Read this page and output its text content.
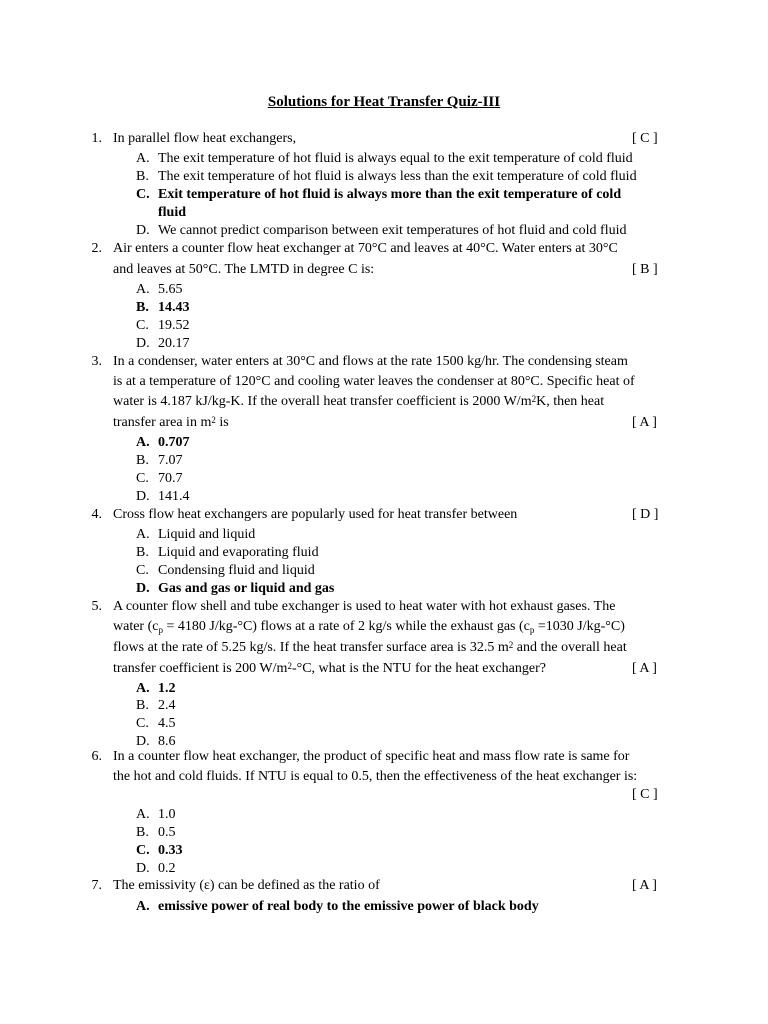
Solutions for Heat Transfer Quiz-III
1. In parallel flow heat exchangers,	[ C ]
A. The exit temperature of hot fluid is always equal to the exit temperature of cold fluid
B. The exit temperature of hot fluid is always less than the exit temperature of cold fluid
C. Exit temperature of hot fluid is always more than the exit temperature of cold
fluid
D. We cannot predict comparison between exit temperatures of hot fluid and cold fluid
2. Air enters a counter flow heat exchanger at 70°C and leaves at 40°C. Water enters at 30°C
and leaves at 50°C. The LMTD in degree C is:	[ B ]
A. 5.65
B. 14.43
C. 19.52
D. 20.17
3. In a condenser, water enters at 30°C and flows at the rate 1500 kg/hr. The condensing steam
is at a temperature of 120°C and cooling water leaves the condenser at 80°C. Specific heat of
water is 4.187 kJ/kg-K. If the overall heat transfer coefficient is 2000 $W/m^2K$, then heat
transfer area in $m^2$ is	[ A ]
A. 0.707
B. 7.07
C. 70.7
D. 141.4
4. Cross flow heat exchangers are popularly used for heat transfer between	[ D ]
A. Liquid and liquid
B. Liquid and evaporating fluid
C. Condensing fluid and liquid
D. Gas and gas or liquid and gas
5. A counter flow shell and tube exchanger is used to heat water with hot exhaust gases. The
water ($c_p = 4180$ J/kg-°C) flows at a rate of 2 kg/s while the exhaust gas ($c_p =1030$ J/kg-°C)
flows at the rate of 5.25 kg/s. If the heat transfer surface area is 32.5 $m^2$ and the overall heat
transfer coefficient is 200 $W/m^2-^\circ C$, what is the NTU for the heat exchanger?	[ A ]
A. 1.2
B. 2.4
C. 4.5
D. 8.6
6. In a counter flow heat exchanger, the product of specific heat and mass flow rate is same for
the hot and cold fluids. If NTU is equal to 0.5, then the effectiveness of the heat exchanger is:
[ C ]
A. 1.0
B. 0.5
C. 0.33
D. 0.2
7. The emissivity (ε) can be defined as the ratio of	[ A ]
A. emissive power of real body to the emissive power of black body
